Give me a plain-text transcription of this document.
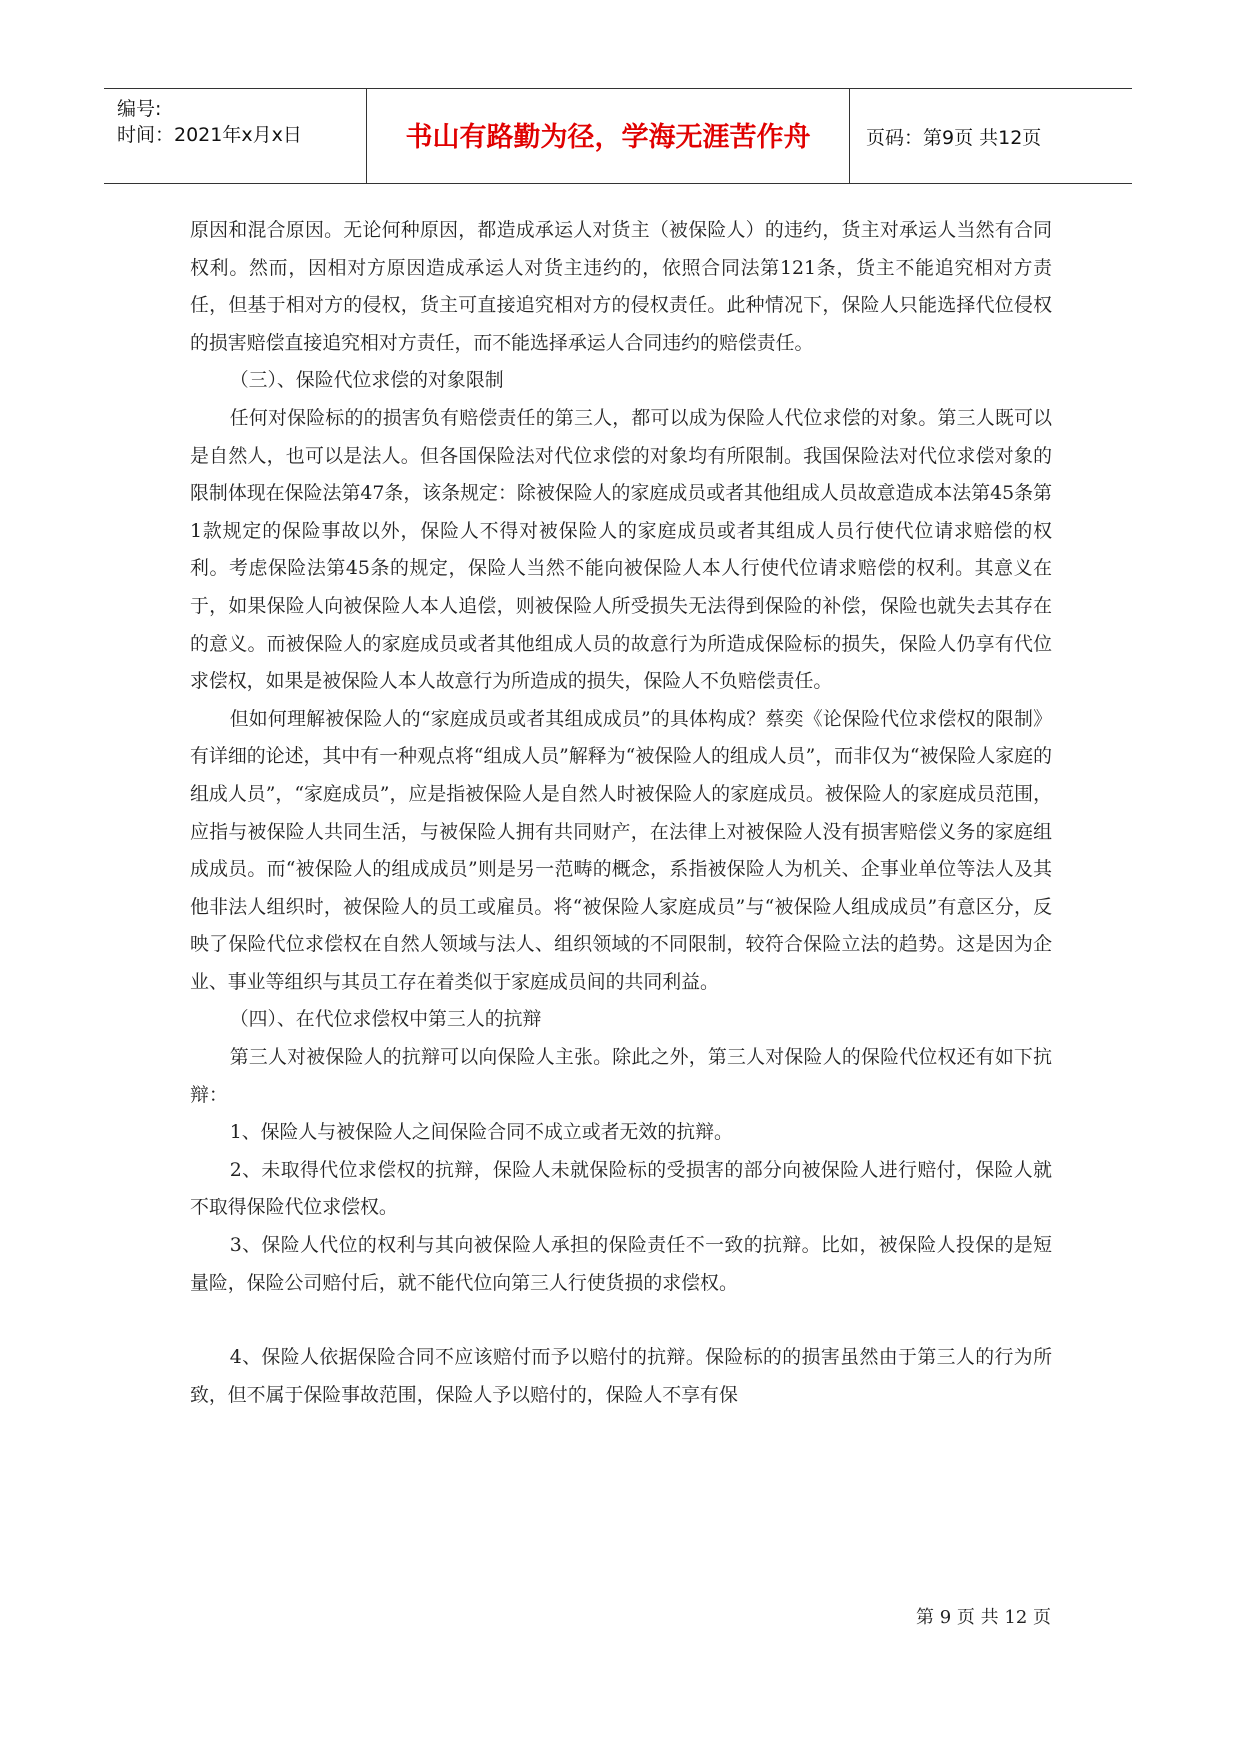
编号:
时间：2021年x月x日	书山有路勤为径，学海无涯苦作舟	页码：第9页 共12页

原因和混合原因。无论何种原因，都造成承运人对货主（被保险人）的违约，货主对承运人当然有合同权利。然而，因相对方原因造成承运人对货主违约的，依照合同法第121条，货主不能追究相对方责任，但基于相对方的侵权，货主可直接追究相对方的侵权责任。此种情况下，保险人只能选择代位侵权的损害赔偿直接追究相对方责任，而不能选择承运人合同违约的赔偿责任。

（三）、保险代位求偿的对象限制

任何对保险标的的损害负有赔偿责任的第三人，都可以成为保险人代位求偿的对象。第三人既可以是自然人，也可以是法人。但各国保险法对代位求偿的对象均有所限制。我国保险法对代位求偿对象的限制体现在保险法第47条，该条规定：除被保险人的家庭成员或者其他组成人员故意造成本法第45条第1款规定的保险事故以外，保险人不得对被保险人的家庭成员或者其组成人员行使代位请求赔偿的权利。考虑保险法第45条的规定，保险人当然不能向被保险人本人行使代位请求赔偿的权利。其意义在于，如果保险人向被保险人本人追偿，则被保险人所受损失无法得到保险的补偿，保险也就失去其存在的意义。而被保险人的家庭成员或者其他组成人员的故意行为所造成保险标的损失，保险人仍享有代位求偿权，如果是被保险人本人故意行为所造成的损失，保险人不负赔偿责任。

但如何理解被保险人的“家庭成员或者其组成成员”的具体构成？蔡奕《论保险代位求偿权的限制》有详细的论述，其中有一种观点将“组成人员”解释为“被保险人的组成人员”，而非仅为“被保险人家庭的组成人员”，“家庭成员”，应是指被保险人是自然人时被保险人的家庭成员。被保险人的家庭成员范围，应指与被保险人共同生活，与被保险人拥有共同财产，在法律上对被保险人没有损害赔偿义务的家庭组成成员。而“被保险人的组成成员”则是另一范畴的概念，系指被保险人为机关、企事业单位等法人及其他非法人组织时，被保险人的员工或雇员。将“被保险人家庭成员”与“被保险人组成成员”有意区分，反映了保险代位求偿权在自然人领域与法人、组织领域的不同限制，较符合保险立法的趋势。这是因为企业、事业等组织与其员工存在着类似于家庭成员间的共同利益。

（四）、在代位求偿权中第三人的抗辩

第三人对被保险人的抗辩可以向保险人主张。除此之外，第三人对保险人的保险代位权还有如下抗辩：

1、保险人与被保险人之间保险合同不成立或者无效的抗辩。

2、未取得代位求偿权的抗辩，保险人未就保险标的受损害的部分向被保险人进行赔付，保险人就不取得保险代位求偿权。

3、保险人代位的权利与其向被保险人承担的保险责任不一致的抗辩。比如，被保险人投保的是短量险，保险公司赔付后，就不能代位向第三人行使货损的求偿权。

4、保险人依据保险合同不应该赔付而予以赔付的抗辩。保险标的的损害虽然由于第三人的行为所致，但不属于保险事故范围，保险人予以赔付的，保险人不享有保

第 9 页 共 12 页
